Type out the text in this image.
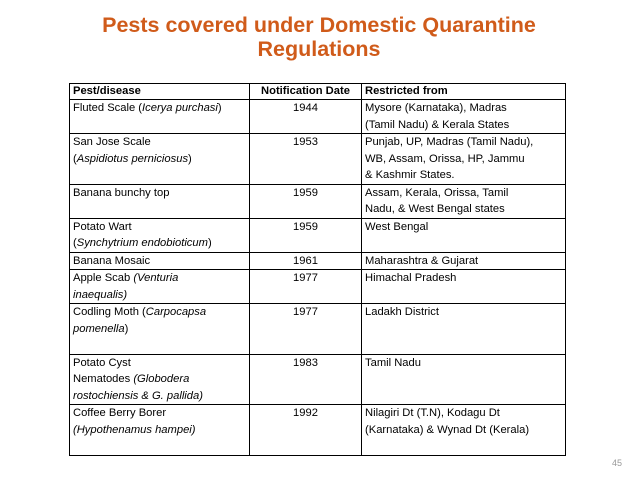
Pests covered under Domestic Quarantine
Regulations
Pest/disease	Notification Date	Restricted from

Fluted Scale (Icerya purchasi)	1944	Mysore (Karnataka), Madras
(Tamil Nadu) & Kerala States

San Jose Scale
(Aspidiotus perniciosus)	1953	Punjab, UP, Madras (Tamil Nadu),
WB, Assam, Orissa, HP, Jammu
& Kashmir States.

Banana bunchy top	1959	Assam, Kerala, Orissa, Tamil
Nadu, & West Bengal states

Potato Wart
(Synchytrium endobioticum)	1959	West Bengal

Banana Mosaic	1961	Maharashtra & Gujarat

Apple Scab (Venturia
inaequalis)	1977	Himachal Pradesh

Codling Moth (Carpocapsa
pomenella)	1977	Ladakh District

Potato Cyst
Nematodes (Globodera
rostochiensis & G. pallida)	1983	Tamil Nadu

Coffee Berry Borer
(Hypothenamus hampei)	1992	Nilagiri Dt (T.N), Kodagu Dt
(Karnataka) & Wynad Dt (Kerala)
45
